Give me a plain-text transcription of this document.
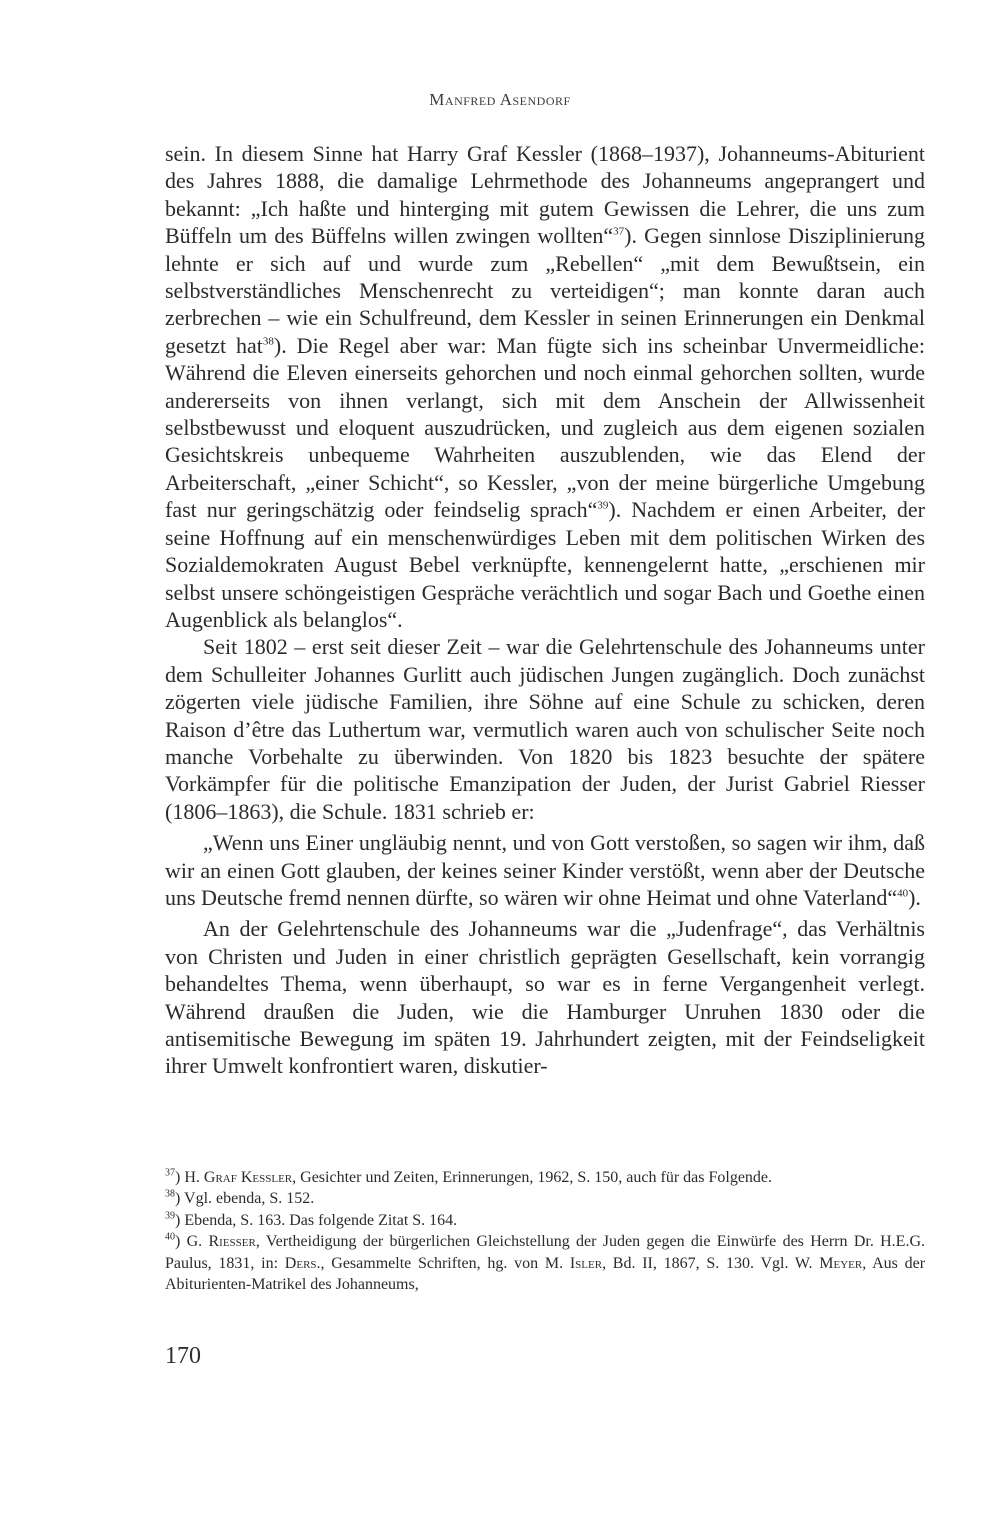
Manfred Asendorf

sein. In diesem Sinne hat Harry Graf Kessler (1868–1937), Johanneums-Abiturient des Jahres 1888, die damalige Lehrmethode des Johanneums angeprangert und bekannt: „Ich haßte und hinterging mit gutem Gewissen die Lehrer, die uns zum Büffeln um des Büffelns willen zwingen wollten“$^{37}$). Gegen sinnlose Disziplinierung lehnte er sich auf und wurde zum „Rebellen“ „mit dem Bewußtsein, ein selbstverständliches Menschenrecht zu verteidigen“; man konnte daran auch zerbrechen – wie ein Schulfreund, dem Kessler in seinen Erinnerungen ein Denkmal gesetzt hat$^{38}$). Die Regel aber war: Man fügte sich ins scheinbar Unvermeidliche: Während die Eleven einerseits gehorchen und noch einmal gehorchen sollten, wurde andererseits von ihnen verlangt, sich mit dem Anschein der Allwissenheit selbstbewusst und eloquent auszudrücken, und zugleich aus dem eigenen sozialen Gesichtskreis unbequeme Wahrheiten auszublenden, wie das Elend der Arbeiterschaft, „einer Schicht“, so Kessler, „von der meine bürgerliche Umgebung fast nur geringschätzig oder feindselig sprach“$^{39}$). Nachdem er einen Arbeiter, der seine Hoffnung auf ein menschenwürdiges Leben mit dem politischen Wirken des Sozialdemokraten August Bebel verknüpfte, kennengelernt hatte, „erschienen mir selbst unsere schöngeistigen Gespräche verächtlich und sogar Bach und Goethe einen Augenblick als belanglos“.

Seit 1802 – erst seit dieser Zeit – war die Gelehrtenschule des Johanneums unter dem Schulleiter Johannes Gurlitt auch jüdischen Jungen zugänglich. Doch zunächst zögerten viele jüdische Familien, ihre Söhne auf eine Schule zu schicken, deren Raison d’être das Luthertum war, vermutlich waren auch von schulischer Seite noch manche Vorbehalte zu überwinden. Von 1820 bis 1823 besuchte der spätere Vorkämpfer für die politische Emanzipation der Juden, der Jurist Gabriel Riesser (1806–1863), die Schule. 1831 schrieb er:

„Wenn uns Einer ungläubig nennt, und von Gott verstoßen, so sagen wir ihm, daß wir an einen Gott glauben, der keines seiner Kinder verstößt, wenn aber der Deutsche uns Deutsche fremd nennen dürfte, so wären wir ohne Heimat und ohne Vaterland“$^{40}$).

An der Gelehrtenschule des Johanneums war die „Judenfrage“, das Verhältnis von Christen und Juden in einer christlich geprägten Gesellschaft, kein vorrangig behandeltes Thema, wenn überhaupt, so war es in ferne Vergangenheit verlegt. Während draußen die Juden, wie die Hamburger Unruhen 1830 oder die antisemitische Bewegung im späten 19. Jahrhundert zeigten, mit der Feindseligkeit ihrer Umwelt konfrontiert waren, diskutier-

$^{37}$) H. Graf Kessler, Gesichter und Zeiten, Erinnerungen, 1962, S. 150, auch für das Folgende.

$^{38}$) Vgl. ebenda, S. 152.

$^{39}$) Ebenda, S. 163. Das folgende Zitat S. 164.

$^{40}$) G. Riesser, Vertheidigung der bürgerlichen Gleichstellung der Juden gegen die Einwürfe des Herrn Dr. H.E.G. Paulus, 1831, in: Ders., Gesammelte Schriften, hg. von M. Isler, Bd. II, 1867, S. 130. Vgl. W. Meyer, Aus der Abiturienten-Matrikel des Johanneums,

170
